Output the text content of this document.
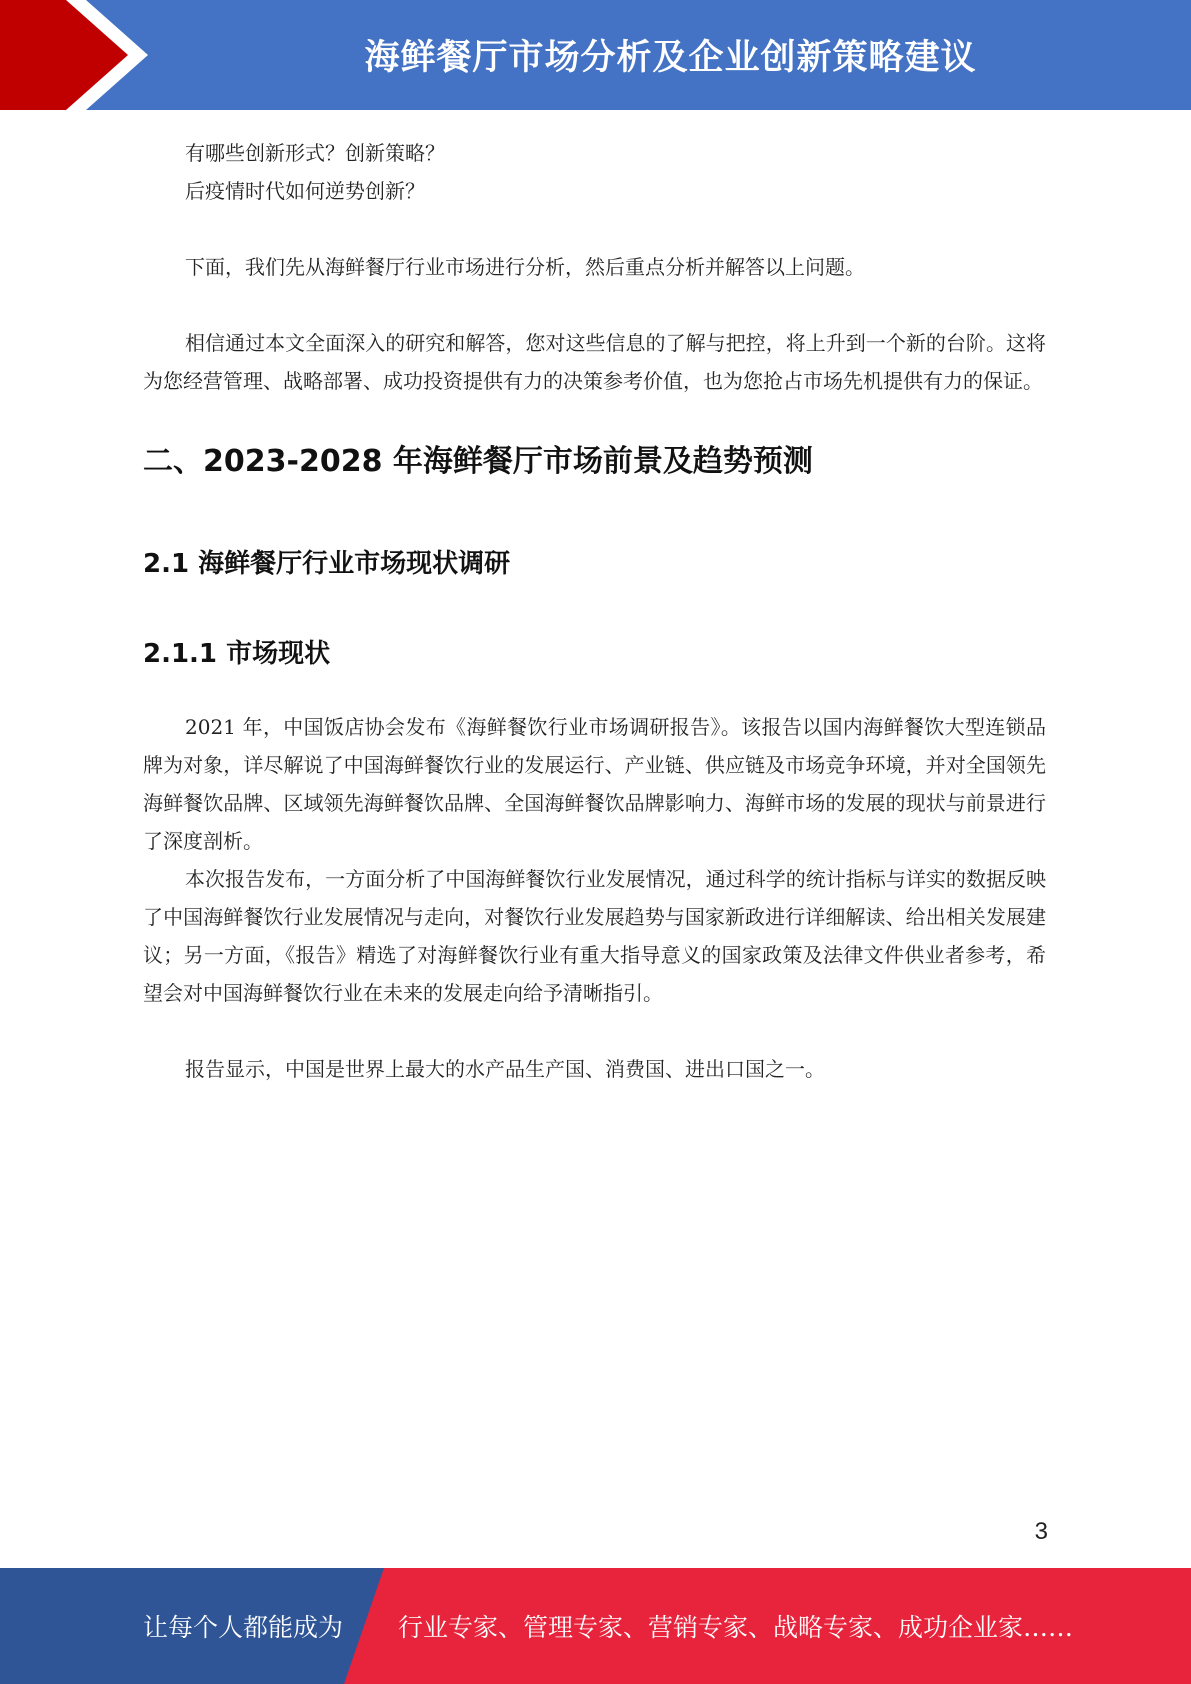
海鲜餐厅市场分析及企业创新策略建议

有哪些创新形式？创新策略？

后疫情时代如何逆势创新？

下面，我们先从海鲜餐厅行业市场进行分析，然后重点分析并解答以上问题。

相信通过本文全面深入的研究和解答，您对这些信息的了解与把控，将上升到一个新的台阶。这将为您经营管理、战略部署、成功投资提供有力的决策参考价值，也为您抢占市场先机提供有力的保证。

二、2023-2028 年海鲜餐厅市场前景及趋势预测
2.1 海鲜餐厅行业市场现状调研
2.1.1 市场现状

2021 年，中国饭店协会发布《海鲜餐饮行业市场调研报告》。该报告以国内海鲜餐饮大型连锁品牌为对象，详尽解说了中国海鲜餐饮行业的发展运行、产业链、供应链及市场竞争环境，并对全国领先海鲜餐饮品牌、区域领先海鲜餐饮品牌、全国海鲜餐饮品牌影响力、海鲜市场的发展的现状与前景进行了深度剖析。

本次报告发布，一方面分析了中国海鲜餐饮行业发展情况，通过科学的统计指标与详实的数据反映了中国海鲜餐饮行业发展情况与走向，对餐饮行业发展趋势与国家新政进行详细解读、给出相关发展建议；另一方面，《报告》精选了对海鲜餐饮行业有重大指导意义的国家政策及法律文件供业者参考，希望会对中国海鲜餐饮行业在未来的发展走向给予清晰指引。

报告显示，中国是世界上最大的水产品生产国、消费国、进出口国之一。

3
让每个人都能成为 行业专家、管理专家、营销专家、战略专家、成功企业家……
